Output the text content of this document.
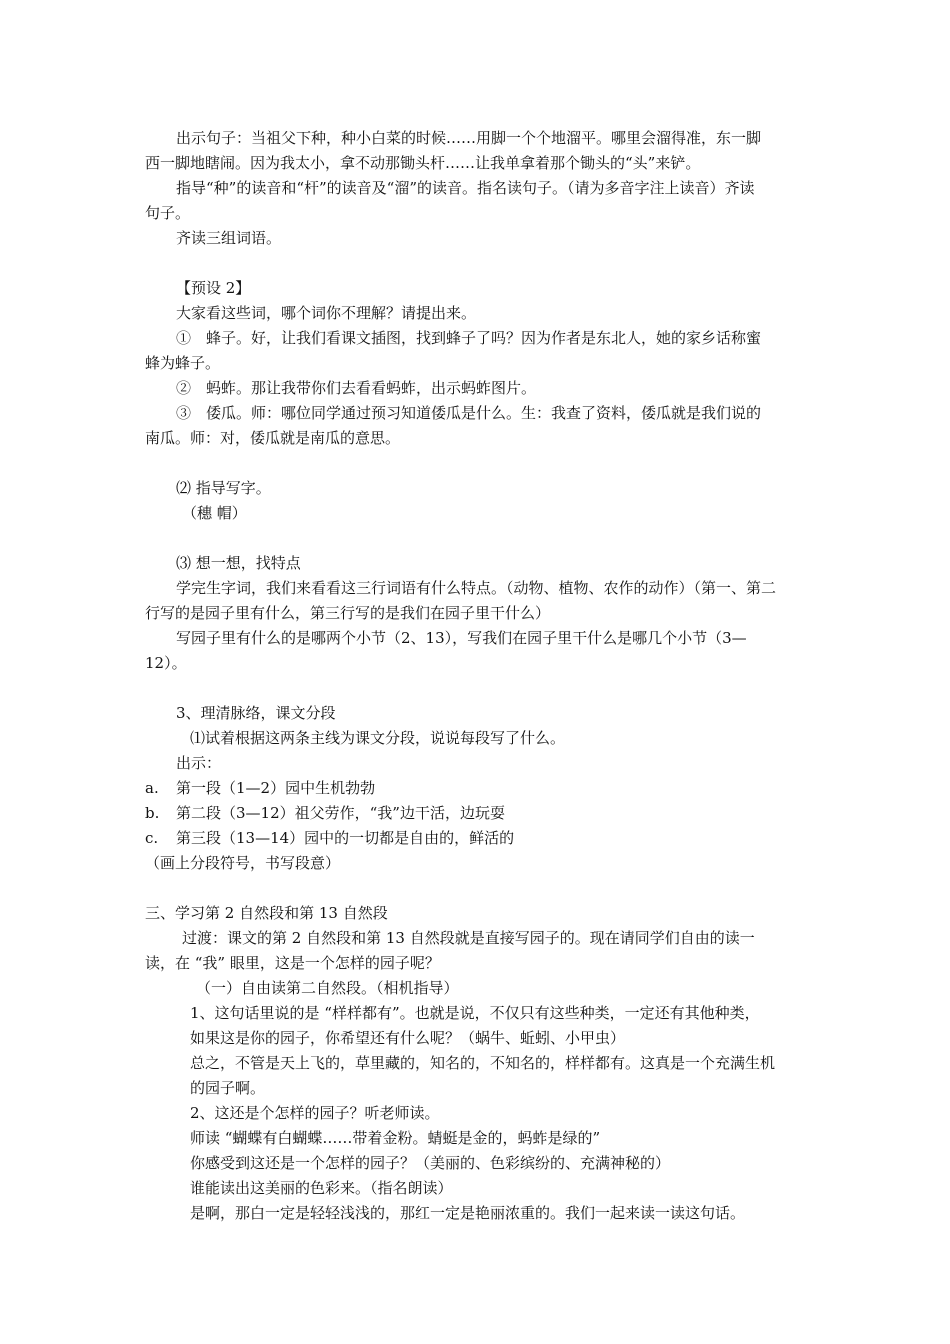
出示句子：当祖父下种，种小白菜的时候……用脚一个个地溜平。哪里会溜得准，东一脚
西一脚地瞎闹。因为我太小，拿不动那锄头杆……让我单拿着那个锄头的“头”来铲。
指导“种”的读音和“杆”的读音及“溜”的读音。指名读句子。（请为多音字注上读音）齐读
句子。
齐读三组词语。
【预设 2】
大家看这些词，哪个词你不理解？请提出来。
①　蜂子。好，让我们看课文插图，找到蜂子了吗？因为作者是东北人，她的家乡话称蜜
蜂为蜂子。
②　蚂蚱。那让我带你们去看看蚂蚱，出示蚂蚱图片。
③　倭瓜。师：哪位同学通过预习知道倭瓜是什么。生：我查了资料，倭瓜就是我们说的
南瓜。师：对，倭瓜就是南瓜的意思。
⑵ 指导写字。
（穗 帽）
⑶ 想一想，找特点
学完生字词，我们来看看这三行词语有什么特点。（动物、植物、农作的动作）（第一、第二
行写的是园子里有什么，第三行写的是我们在园子里干什么）
写园子里有什么的是哪两个小节（2、13），写我们在园子里干什么是哪几个小节（3—
12）。
3、理清脉络，课文分段
⑴试着根据这两条主线为课文分段，说说每段写了什么。
出示：
a. 第一段（1—2）园中生机勃勃
b. 第二段（3—12）祖父劳作，“我”边干活，边玩耍
c. 第三段（13—14）园中的一切都是自由的，鲜活的
（画上分段符号，书写段意）
三、学习第 2 自然段和第 13 自然段
过渡：课文的第 2 自然段和第 13 自然段就是直接写园子的。现在请同学们自由的读一
读，在 “我” 眼里，这是一个怎样的园子呢？
（一）自由读第二自然段。（相机指导）
1、这句话里说的是 “样样都有”。也就是说，不仅只有这些种类，一定还有其他种类，
如果这是你的园子，你希望还有什么呢？（蜗牛、蚯蚓、小甲虫）
总之，不管是天上飞的，草里藏的，知名的，不知名的，样样都有。这真是一个充满生机
的园子啊。
2、这还是个怎样的园子？听老师读。
师读 “蝴蝶有白蝴蝶……带着金粉。蜻蜓是金的，蚂蚱是绿的”
你感受到这还是一个怎样的园子？（美丽的、色彩缤纷的、充满神秘的）
谁能读出这美丽的色彩来。（指名朗读）
是啊，那白一定是轻轻浅浅的，那红一定是艳丽浓重的。我们一起来读一读这句话。
